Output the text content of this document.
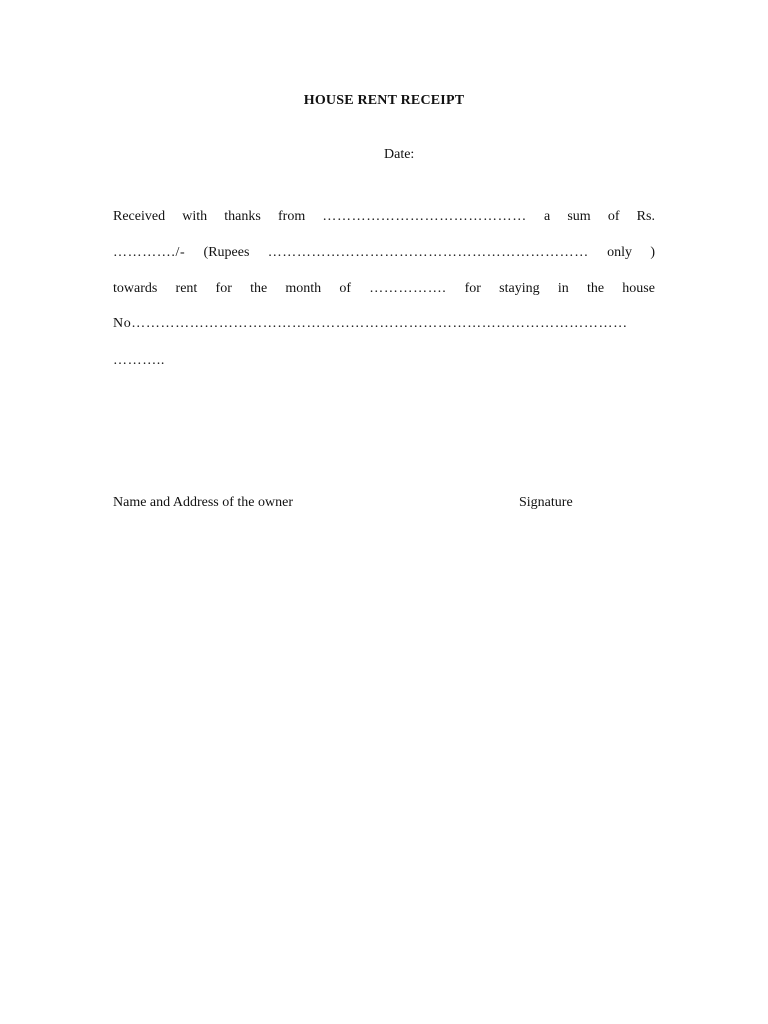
HOUSE RENT RECEIPT
Date:
Received with thanks from …………………………………… a sum of Rs.
…………./- (Rupees ………………………………………………………… only )
towards rent for the month of ……………. for staying in the house
No…………………………………………………………………………………………
………..
Name and Address of the owner	Signature
